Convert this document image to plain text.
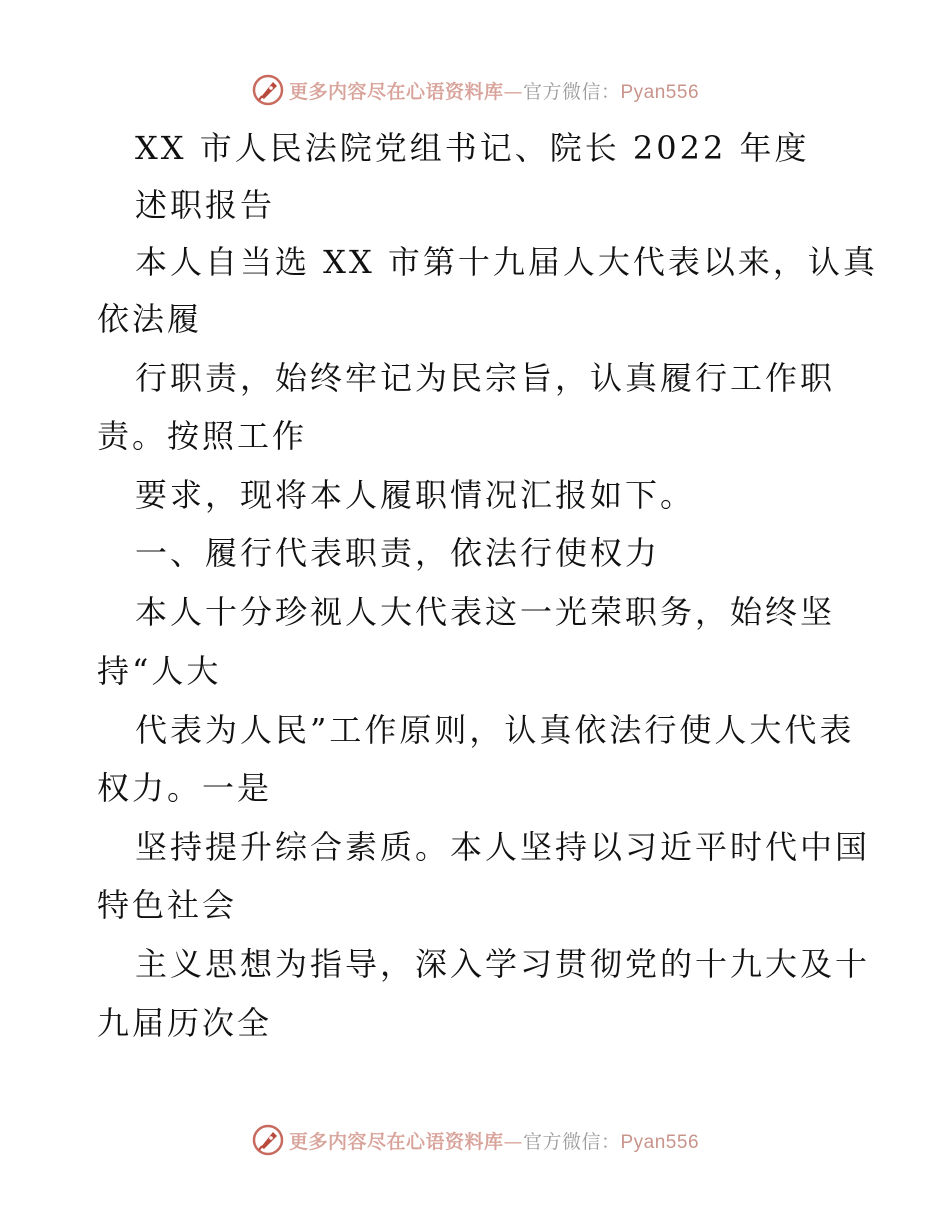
更多内容尽在心语资料库—官方微信：Pyan556
XX 市人民法院党组书记、院长 2022 年度
述职报告
本人自当选 XX 市第十九届人大代表以来，认真
依法履
行职责，始终牢记为民宗旨，认真履行工作职
责。按照工作
要求，现将本人履职情况汇报如下。
一、履行代表职责，依法行使权力
本人十分珍视人大代表这一光荣职务，始终坚
持“人大
代表为人民”工作原则，认真依法行使人大代表
权力。一是
坚持提升综合素质。本人坚持以习近平时代中国
特色社会
主义思想为指导，深入学习贯彻党的十九大及十
九届历次全
更多内容尽在心语资料库—官方微信：Pyan556
